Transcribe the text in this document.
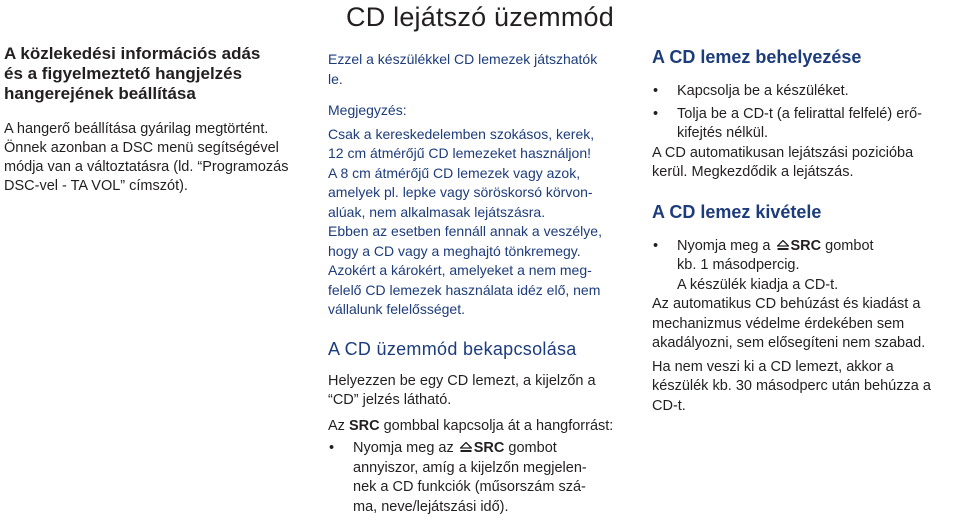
CD lejátszó üzemmód
A közlekedési információs adás
és a figyelmeztető hangjelzés
hangerejének beállítása
A hangerő beállítása gyárilag megtörtént.
Önnek azonban a DSC menü segítségével
módja van a változtatásra (ld. “Programozás
DSC-vel - TA VOL” címszót).
Ezzel a készülékkel CD lemezek játszhatók
le.
Megjegyzés:
Csak a kereskedelemben szokásos, kerek,
12 cm átmérőjű CD lemezeket használjon!
A 8 cm átmérőjű CD lemezek vagy azok,
amelyek pl. lepke vagy söröskorsó körvon-
alúak, nem alkalmasak lejátszásra.
Ebben az esetben fennáll annak a veszélye,
hogy a CD vagy a meghajtó tönkremegy.
Azokért a károkért, amelyeket a nem meg-
felelő CD lemezek használata idéz elő, nem
vállalunk felelősséget.
A CD üzemmód bekapcsolása
Helyezzen be egy CD lemezt, a kijelzőn a
“CD” jelzés látható.
Az SRC gombbal kapcsolja át a hangforrást:
• Nyomja meg az SRC gombot
annyiszor, amíg a kijelzőn megjelen-
nek a CD funkciók (műsorszám szá-
ma, neve/lejátszási idő).
A CD lemez behelyezése
• Kapcsolja be a készüléket.
• Tolja be a CD-t (a felirattal felfelé) erő-
kifejtés nélkül.
A CD automatikusan lejátszási pozicióba
kerül. Megkezdődik a lejátszás.
A CD lemez kivétele
• Nyomja meg a SRC gombot
kb. 1 másodpercig.
A készülék kiadja a CD-t.
Az automatikus CD behúzást és kiadást a
mechanizmus védelme érdekében sem
akadályozni, sem elősegíteni nem szabad.
Ha nem veszi ki a CD lemezt, akkor a
készülék kb. 30 másodperc után behúzza a
CD-t.
